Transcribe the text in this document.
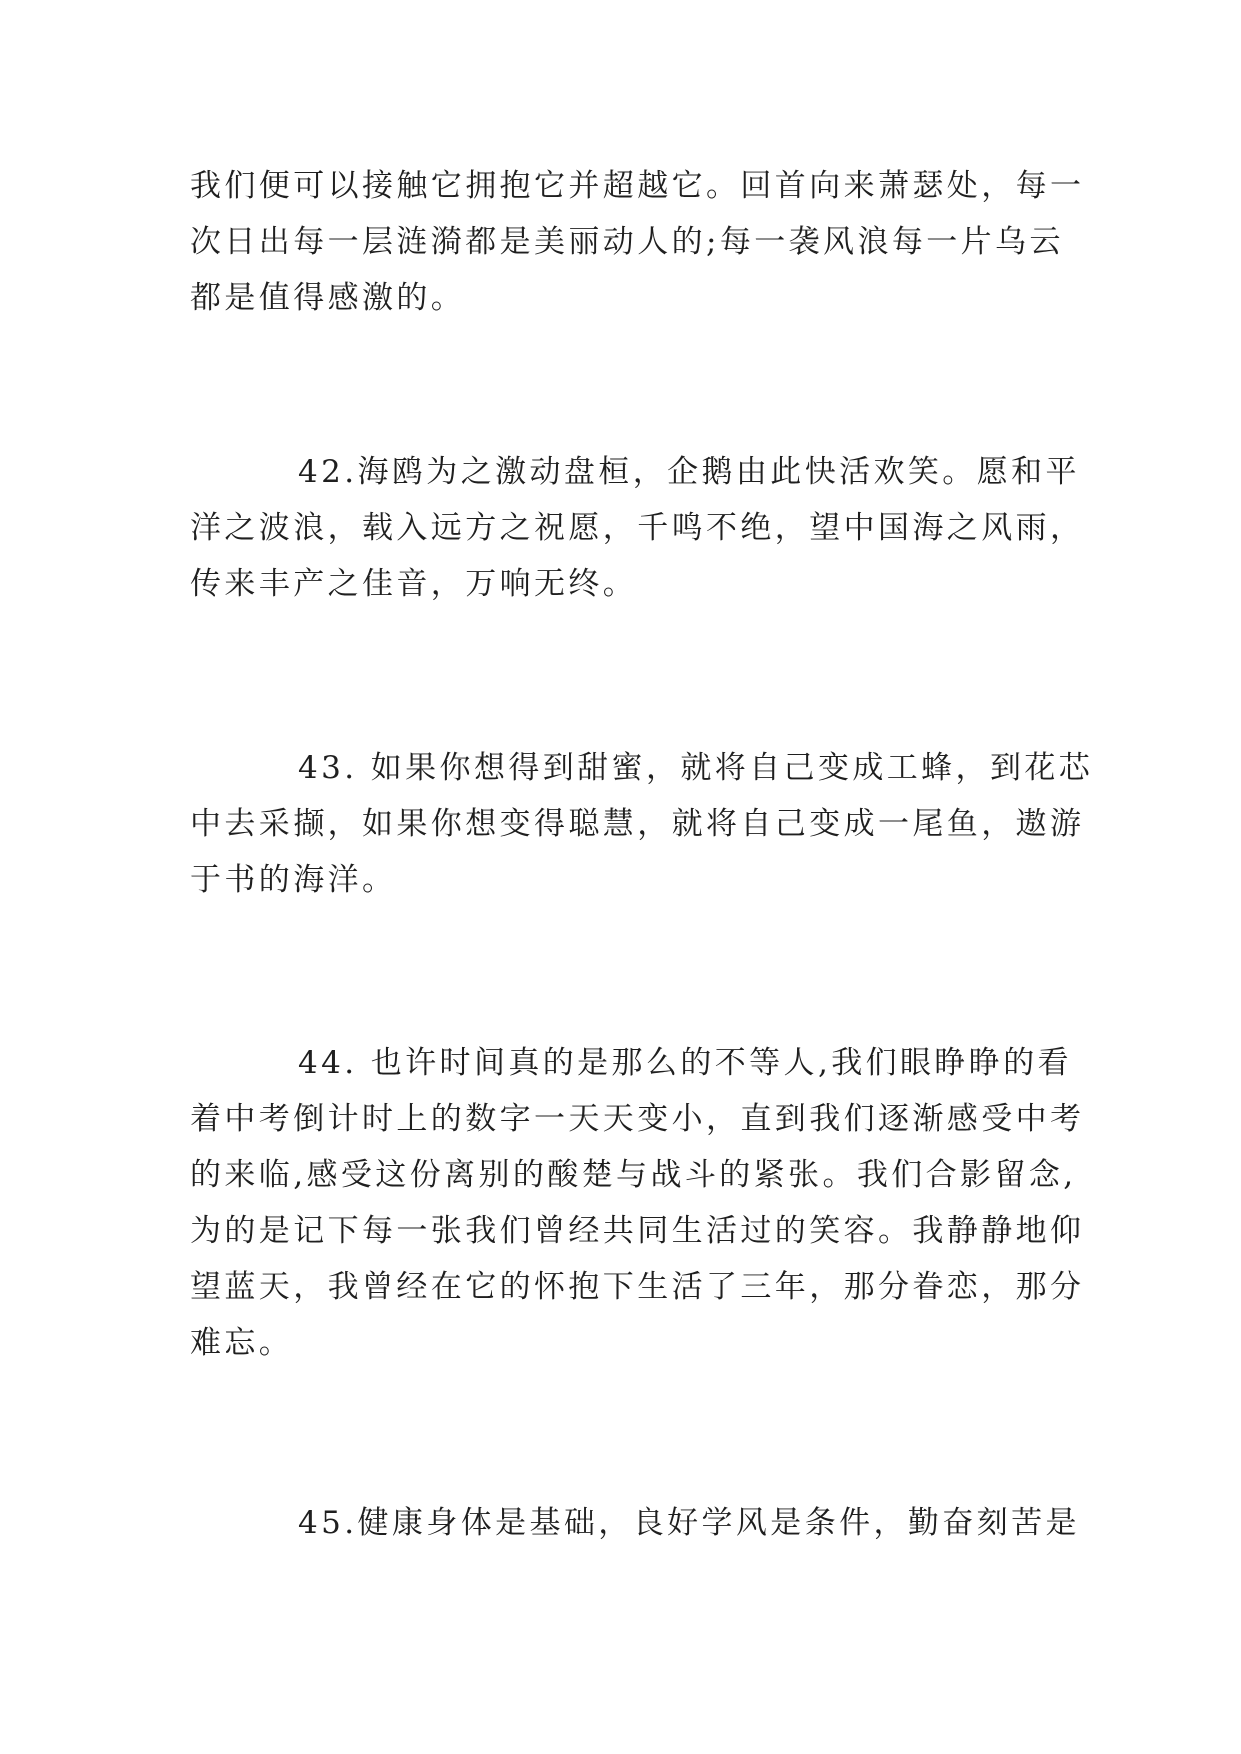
我们便可以接触它拥抱它并超越它。回首向来萧瑟处，每一
次日出每一层涟漪都是美丽动人的;每一袭风浪每一片乌云
都是值得感激的。

42.海鸥为之激动盘桓，企鹅由此快活欢笑。愿和平
洋之波浪，载入远方之祝愿，千鸣不绝，望中国海之风雨，
传来丰产之佳音，万响无终。

43. 如果你想得到甜蜜，就将自己变成工蜂，到花芯
中去采撷，如果你想变得聪慧，就将自己变成一尾鱼，遨游
于书的海洋。

44. 也许时间真的是那么的不等人,我们眼睁睁的看
着中考倒计时上的数字一天天变小，直到我们逐渐感受中考
的来临,感受这份离别的酸楚与战斗的紧张。我们合影留念,
为的是记下每一张我们曾经共同生活过的笑容。我静静地仰
望蓝天，我曾经在它的怀抱下生活了三年，那分眷恋，那分
难忘。

45.健康身体是基础，良好学风是条件，勤奋刻苦是
